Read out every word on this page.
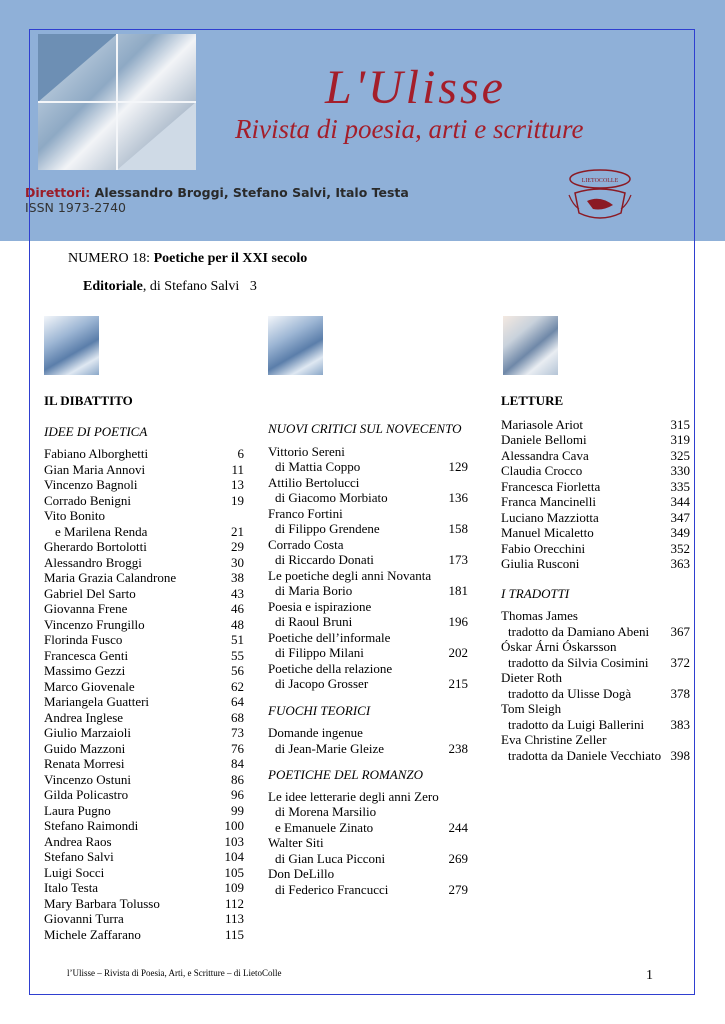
L'Ulisse
Rivista di poesia, arti e scritture
Direttori: Alessandro Broggi, Stefano Salvi, Italo Testa
ISSN 1973-2740
LIETOCOLLE
NUMERO 18: Poetiche per il XXI secolo
Editoriale, di Stefano Salvi 3
IL DIBATTITO
IDEE DI POETICA
Fabiano Alborghetti	6
Gian Maria Annovi	11
Vincenzo Bagnoli	13
Corrado Benigni	19
Vito Bonito
e Marilena Renda	21
Gherardo Bortolotti	29
Alessandro Broggi	30
Maria Grazia Calandrone	38
Gabriel Del Sarto	43
Giovanna Frene	46
Vincenzo Frungillo	48
Florinda Fusco	51
Francesca Genti	55
Massimo Gezzi	56
Marco Giovenale	62
Mariangela Guatteri	64
Andrea Inglese	68
Giulio Marzaioli	73
Guido Mazzoni	76
Renata Morresi	84
Vincenzo Ostuni	86
Gilda Policastro	96
Laura Pugno	99
Stefano Raimondi	100
Andrea Raos	103
Stefano Salvi	104
Luigi Socci	105
Italo Testa	109
Mary Barbara Tolusso	112
Giovanni Turra	113
Michele Zaffarano	115
NUOVI CRITICI SUL NOVECENTO
Vittorio Sereni
di Mattia Coppo	129
Attilio Bertolucci
di Giacomo Morbiato	136
Franco Fortini
di Filippo Grendene	158
Corrado Costa
di Riccardo Donati	173
Le poetiche degli anni Novanta
di Maria Borio	181
Poesia e ispirazione
di Raoul Bruni	196
Poetiche dell’informale
di Filippo Milani	202
Poetiche della relazione
di Jacopo Grosser	215
FUOCHI TEORICI
Domande ingenue
di Jean-Marie Gleize	238
POETICHE DEL ROMANZO
Le idee letterarie degli anni Zero
di Morena Marsilio
e Emanuele Zinato	244
Walter Siti
di Gian Luca Picconi	269
Don DeLillo
di Federico Francucci	279
LETTURE
Mariasole Ariot	315
Daniele Bellomi	319
Alessandra Cava	325
Claudia Crocco	330
Francesca Fiorletta	335
Franca Mancinelli	344
Luciano Mazziotta	347
Manuel Micaletto	349
Fabio Orecchini	352
Giulia Rusconi	363
I TRADOTTI
Thomas James
tradotto da Damiano Abeni 367
Óskar Árni Óskarsson
tradotto da Silvia Cosimini 372
Dieter Roth
tradotto da Ulisse Dogà	378
Tom Sleigh
tradotto da Luigi Ballerini 383
Eva Christine Zeller
tradotta da Daniele Vecchiato 398
l’Ulisse – Rivista di Poesia, Arti, e Scritture – di LietoColle	1
